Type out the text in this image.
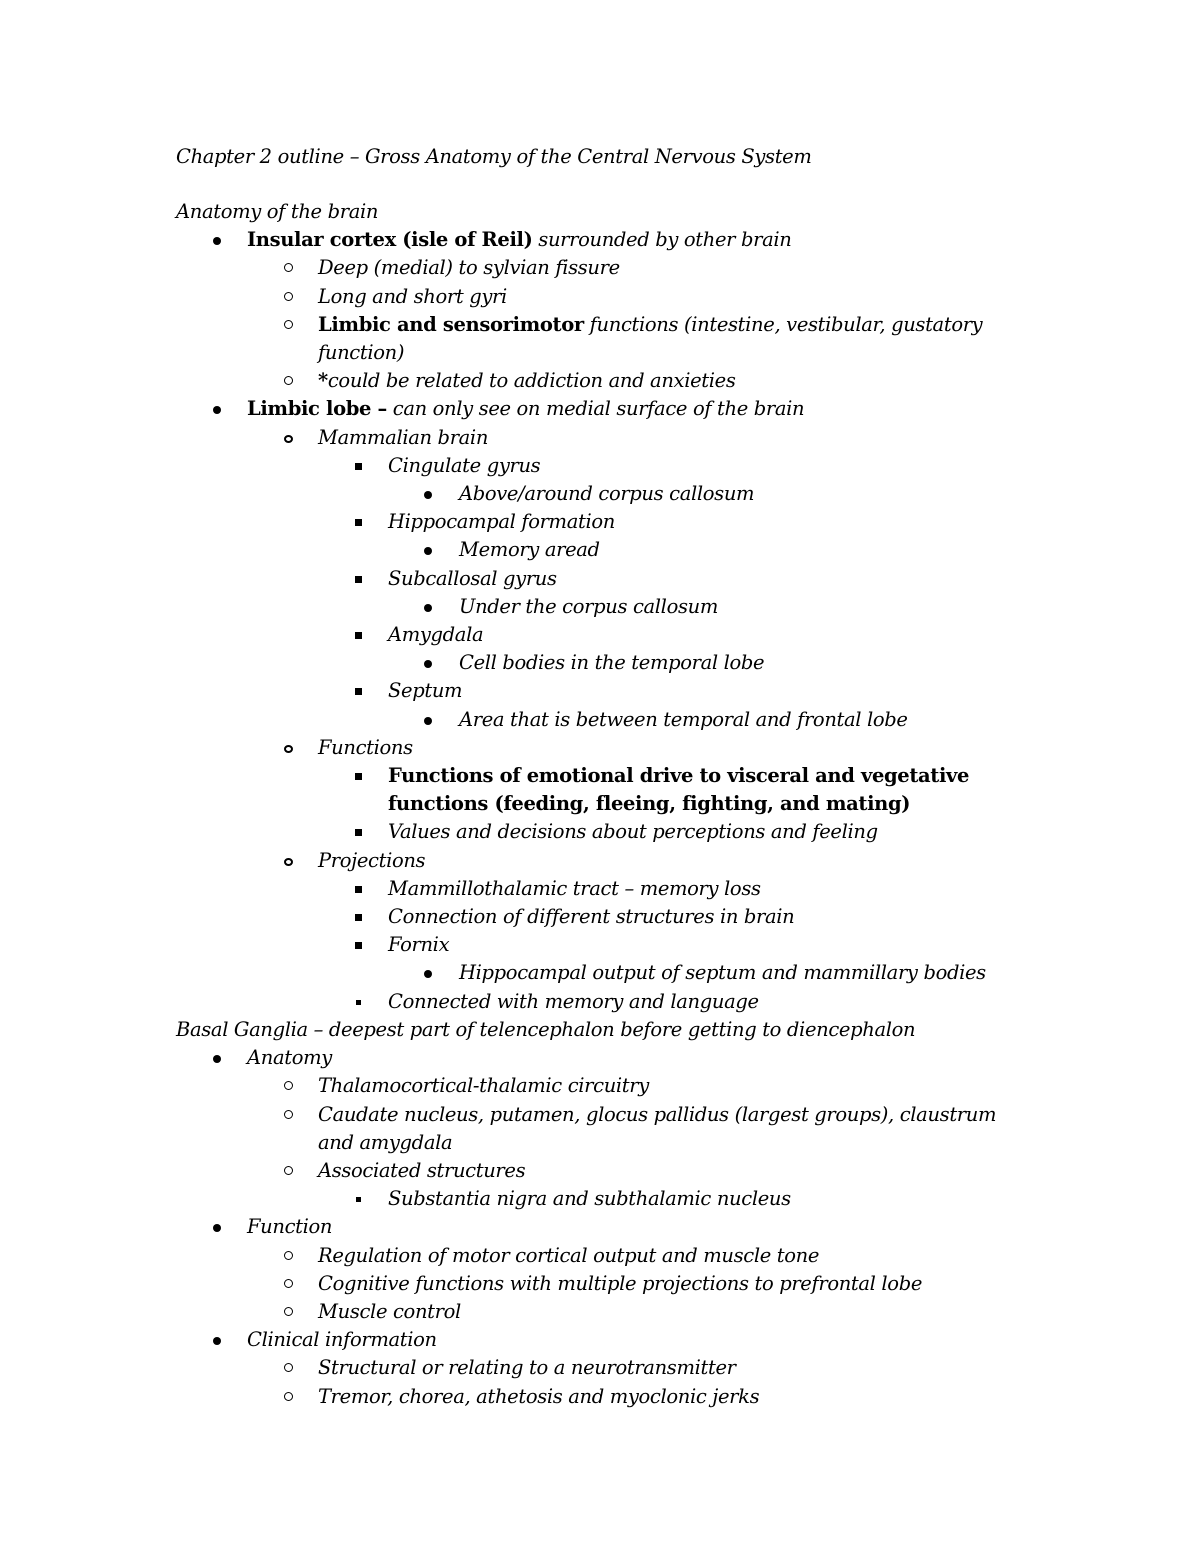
Chapter 2 outline – Gross Anatomy of the Central Nervous System
Anatomy of the brain
Insular cortex (isle of Reil) surrounded by other brain
Deep (medial) to sylvian fissure
Long and short gyri
Limbic and sensorimotor functions (intestine, vestibular, gustatory function)
*could be related to addiction and anxieties
Limbic lobe – can only see on medial surface of the brain
Mammalian brain
Cingulate gyrus
Above/around corpus callosum
Hippocampal formation
Memory aread
Subcallosal gyrus
Under the corpus callosum
Amygdala
Cell bodies in the temporal lobe
Septum
Area that is between temporal and frontal lobe
Functions
Functions of emotional drive to visceral and vegetative functions (feeding, fleeing, fighting, and mating)
Values and decisions about perceptions and feeling
Projections
Mammillothalamic tract – memory loss
Connection of different structures in brain
Fornix
Hippocampal output of septum and mammillary bodies
Connected with memory and language
Basal Ganglia – deepest part of telencephalon before getting to diencephalon
Anatomy
Thalamocortical-thalamic circuitry
Caudate nucleus, putamen, glocus pallidus (largest groups), claustrum and amygdala
Associated structures
Substantia nigra and subthalamic nucleus
Function
Regulation of motor cortical output and muscle tone
Cognitive functions with multiple projections to prefrontal lobe
Muscle control
Clinical information
Structural or relating to a neurotransmitter
Tremor, chorea, athetosis and myoclonic jerks
